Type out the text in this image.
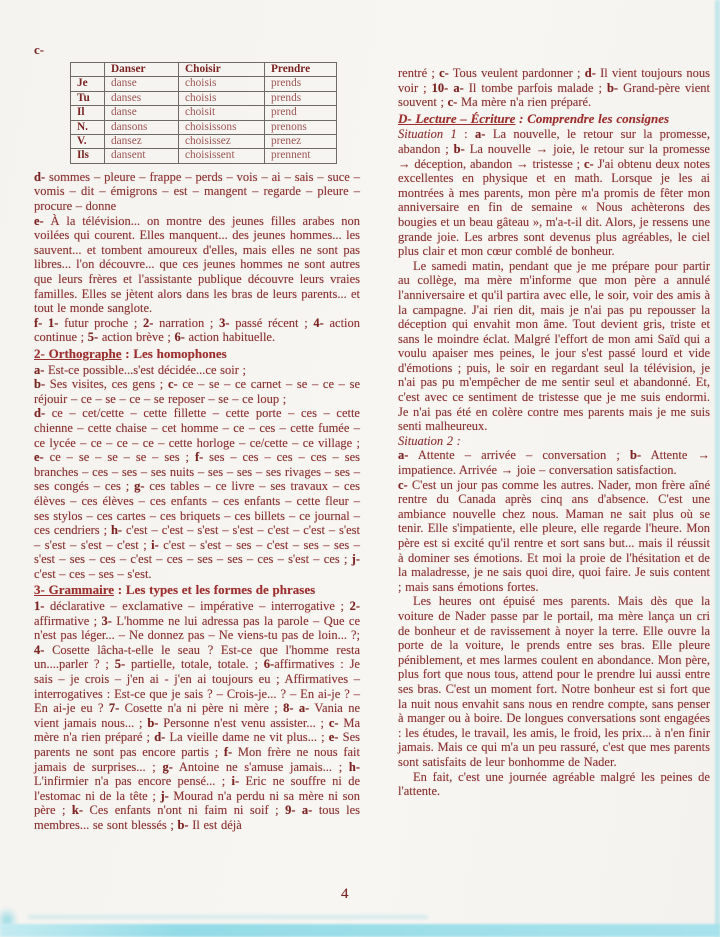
c-
	Danser	Choisir	Prendre
Je	danse	choisis	prends
Tu	danses	choisis	prends
Il	danse	choisit	prend
N.	dansons	choisissons	prenons
V.	dansez	choisissez	prenez
Ils	dansent	choisissent	prennent

d- sommes – pleure – frappe – perds – vois – ai – sais – suce – vomis – dit – émigrons – est – mangent – regarde – pleure – procure – donne

e- À la télévision... on montre des jeunes filles arabes non voilées qui courent. Elles manquent... des jeunes hommes... les sauvent... et tombent amoureux d'elles, mais elles ne sont pas libres... l'on découvre... que ces jeunes hommes ne sont autres que leurs frères et l'assistante publique découvre leurs vraies familles. Elles se jètent alors dans les bras de leurs parents... et tout le monde sanglote.

f- 1- futur proche ; 2- narration ; 3- passé récent ; 4- action continue ; 5- action brève ; 6- action habituelle.

2- Orthographe : Les homophones

a- Est-ce possible...s'est décidée...ce soir ;

b- Ses visites, ces gens ; c- ce – se – ce carnet – se – ce – se réjouir – ce – se – ce – se reposer – se – ce loup ;

d- ce – cet/cette – cette fillette – cette porte – ces – cette chienne – cette chaise – cet homme – ce – ces – cette fumée – ce lycée – ce – ce – ce – cette horloge – ce/cette – ce village ; e- ce – se – se – se – ses ; f- ses – ces – ces – ces – ses branches – ces – ses – ses nuits – ses – ses – ses rivages – ses – ses congés – ces ; g- ces tables – ce livre – ses travaux – ces élèves – ces élèves – ces enfants – ces enfants – cette fleur – ses stylos – ces cartes – ces briquets – ces billets – ce journal – ces cendriers ; h- c'est – c'est – s'est – s'est – c'est – c'est – s'est – s'est – s'est – c'est ; i- c'est – s'est – ses – c'est – ses – ses – s'est – ses – ces – c'est – ces – ses – ses – ces – s'est – ces ; j- c'est – ces – ses – s'est.

3- Grammaire : Les types et les formes de phrases

1- déclarative – exclamative – impérative – interrogative ; 2- affirmative ; 3- L'homme ne lui adressa pas la parole – Que ce n'est pas léger... – Ne donnez pas – Ne viens-tu pas de loin... ?; 4- Cosette lâcha-t-elle le seau ? Est-ce que l'homme resta un....parler ? ; 5- partielle, totale, totale. ; 6-affirmatives : Je sais – je crois – j'en ai - j'en ai toujours eu ; Affirmatives – interrogatives : Est-ce que je sais ? – Crois-je... ? – En ai-je ? – En ai-je eu ? 7- Cosette n'a ni père ni mère ; 8- a- Vania ne vient jamais nous... ; b- Personne n'est venu assister... ; c- Ma mère n'a rien préparé ; d- La vieille dame ne vit plus... ; e- Ses parents ne sont pas encore partis ; f- Mon frère ne nous fait jamais de surprises... ; g- Antoine ne s'amuse jamais... ; h- L'infirmier n'a pas encore pensé... ; i- Eric ne souffre ni de l'estomac ni de la tête ; j- Mourad n'a perdu ni sa mère ni son père ; k- Ces enfants n'ont ni faim ni soif ; 9- a- tous les membres... se sont blessés ; b- Il est déjà

rentré ; c- Tous veulent pardonner ; d- Il vient toujours nous voir ; 10- a- Il tombe parfois malade ; b- Grand-père vient souvent ; c- Ma mère n'a rien préparé.

D- Lecture – Écriture : Comprendre les consignes

Situation 1 : a- La nouvelle, le retour sur la promesse, abandon ; b- La nouvelle → joie, le retour sur la promesse → déception, abandon → tristesse ; c- J'ai obtenu deux notes excellentes en physique et en math. Lorsque je les ai montrées à mes parents, mon père m'a promis de fêter mon anniversaire en fin de semaine « Nous achèterons des bougies et un beau gâteau », m'a-t-il dit. Alors, je ressens une grande joie. Les arbres sont devenus plus agréables, le ciel plus clair et mon cœur comblé de bonheur.

Le samedi matin, pendant que je me prépare pour partir au collège, ma mère m'informe que mon père a annulé l'anniversaire et qu'il partira avec elle, le soir, voir des amis à la campagne. J'ai rien dit, mais je n'ai pas pu repousser la déception qui envahit mon âme. Tout devient gris, triste et sans le moindre éclat. Malgré l'effort de mon ami Saïd qui a voulu apaiser mes peines, le jour s'est passé lourd et vide d'émotions ; puis, le soir en regardant seul la télévision, je n'ai pas pu m'empêcher de me sentir seul et abandonné. Et, c'est avec ce sentiment de tristesse que je me suis endormi. Je n'ai pas été en colère contre mes parents mais je me suis senti malheureux.

Situation 2 :

a- Attente – arrivée – conversation ; b- Attente → impatience. Arrivée → joie – conversation satisfaction.

c- C'est un jour pas comme les autres. Nader, mon frère aîné rentre du Canada après cinq ans d'absence. C'est une ambiance nouvelle chez nous. Maman ne sait plus où se tenir. Elle s'impatiente, elle pleure, elle regarde l'heure. Mon père est si excité qu'il rentre et sort sans but... mais il réussit à dominer ses émotions. Et moi la proie de l'hésitation et de la maladresse, je ne sais quoi dire, quoi faire. Je suis content ; mais sans émotions fortes.

Les heures ont épuisé mes parents. Mais dès que la voiture de Nader passe par le portail, ma mère lança un cri de bonheur et de ravissement à noyer la terre. Elle ouvre la porte de la voiture, le prends entre ses bras. Elle pleure péniblement, et mes larmes coulent en abondance. Mon père, plus fort que nous tous, attend pour le prendre lui aussi entre ses bras. C'est un moment fort. Notre bonheur est si fort que la nuit nous envahit sans nous en rendre compte, sans penser à manger ou à boire. De longues conversations sont engagées : les études, le travail, les amis, le froid, les prix... à n'en finir jamais. Mais ce qui m'a un peu rassuré, c'est que mes parents sont satisfaits de leur bonhomme de Nader.

En fait, c'est une journée agréable malgré les peines de l'attente.

4
